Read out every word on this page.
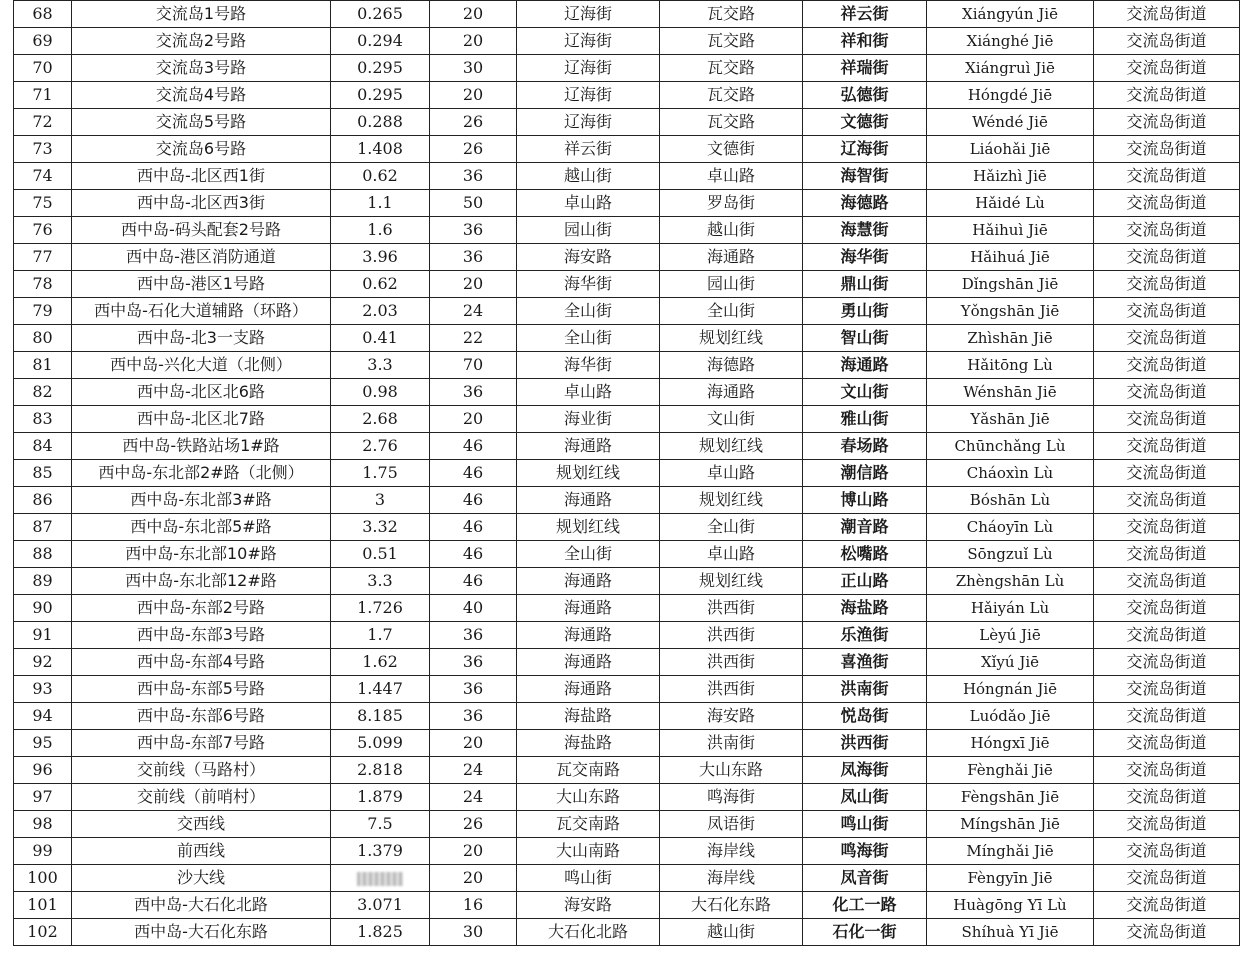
68	交流岛1号路	0.265	20	辽海街	瓦交路	祥云街	Xiángyún Jiē	交流岛街道
69	交流岛2号路	0.294	20	辽海街	瓦交路	祥和街	Xiánghé Jiē	交流岛街道
70	交流岛3号路	0.295	30	辽海街	瓦交路	祥瑞街	Xiángruì Jiē	交流岛街道
71	交流岛4号路	0.295	20	辽海街	瓦交路	弘德街	Hóngdé Jiē	交流岛街道
72	交流岛5号路	0.288	26	辽海街	瓦交路	文德街	Wéndé Jiē	交流岛街道
73	交流岛6号路	1.408	26	祥云街	文德街	辽海街	Liáohǎi Jiē	交流岛街道
74	西中岛-北区西1街	0.62	36	越山街	卓山路	海智街	Hǎizhì Jiē	交流岛街道
75	西中岛-北区西3街	1.1	50	卓山路	罗岛街	海德路	Hǎidé Lù	交流岛街道
76	西中岛-码头配套2号路	1.6	36	园山街	越山街	海慧街	Hǎihuì Jiē	交流岛街道
77	西中岛-港区消防通道	3.96	36	海安路	海通路	海华街	Hǎihuá Jiē	交流岛街道
78	西中岛-港区1号路	0.62	20	海华街	园山街	鼎山街	Dǐngshān Jiē	交流岛街道
79	西中岛-石化大道辅路（环路）	2.03	24	全山街	全山街	勇山街	Yǒngshān Jiē	交流岛街道
80	西中岛-北3一支路	0.41	22	全山街	规划红线	智山街	Zhìshān Jiē	交流岛街道
81	西中岛-兴化大道（北侧）	3.3	70	海华街	海德路	海通路	Hǎitōng Lù	交流岛街道
82	西中岛-北区北6路	0.98	36	卓山路	海通路	文山街	Wénshān Jiē	交流岛街道
83	西中岛-北区北7路	2.68	20	海业街	文山街	雅山街	Yǎshān Jiē	交流岛街道
84	西中岛-铁路站场1#路	2.76	46	海通路	规划红线	春场路	Chūnchǎng Lù	交流岛街道
85	西中岛-东北部2#路（北侧）	1.75	46	规划红线	卓山路	潮信路	Cháoxìn Lù	交流岛街道
86	西中岛-东北部3#路	3	46	海通路	规划红线	博山路	Bóshān Lù	交流岛街道
87	西中岛-东北部5#路	3.32	46	规划红线	全山街	潮音路	Cháoyīn Lù	交流岛街道
88	西中岛-东北部10#路	0.51	46	全山街	卓山路	松嘴路	Sōngzuǐ Lù	交流岛街道
89	西中岛-东北部12#路	3.3	46	海通路	规划红线	正山路	Zhèngshān Lù	交流岛街道
90	西中岛-东部2号路	1.726	40	海通路	洪西街	海盐路	Hǎiyán Lù	交流岛街道
91	西中岛-东部3号路	1.7	36	海通路	洪西街	乐渔街	Lèyú Jiē	交流岛街道
92	西中岛-东部4号路	1.62	36	海通路	洪西街	喜渔街	Xǐyú Jiē	交流岛街道
93	西中岛-东部5号路	1.447	36	海通路	洪西街	洪南街	Hóngnán Jiē	交流岛街道
94	西中岛-东部6号路	8.185	36	海盐路	海安路	悦岛街	Luódǎo Jiē	交流岛街道
95	西中岛-东部7号路	5.099	20	海盐路	洪南街	洪西街	Hóngxī Jiē	交流岛街道
96	交前线（马路村）	2.818	24	瓦交南路	大山东路	凤海街	Fènghǎi Jiē	交流岛街道
97	交前线（前哨村）	1.879	24	大山东路	鸣海街	凤山街	Fèngshān Jiē	交流岛街道
98	交西线	7.5	26	瓦交南路	凤语街	鸣山街	Míngshān Jiē	交流岛街道
99	前西线	1.379	20	大山南路	海岸线	鸣海街	Mínghǎi Jiē	交流岛街道
100	沙大线		20	鸣山街	海岸线	凤音街	Fèngyīn Jiē	交流岛街道
101	西中岛-大石化北路	3.071	16	海安路	大石化东路	化工一路	Huàgōng Yī Lù	交流岛街道
102	西中岛-大石化东路	1.825	30	大石化北路	越山街	石化一街	Shíhuà Yī Jiē	交流岛街道
